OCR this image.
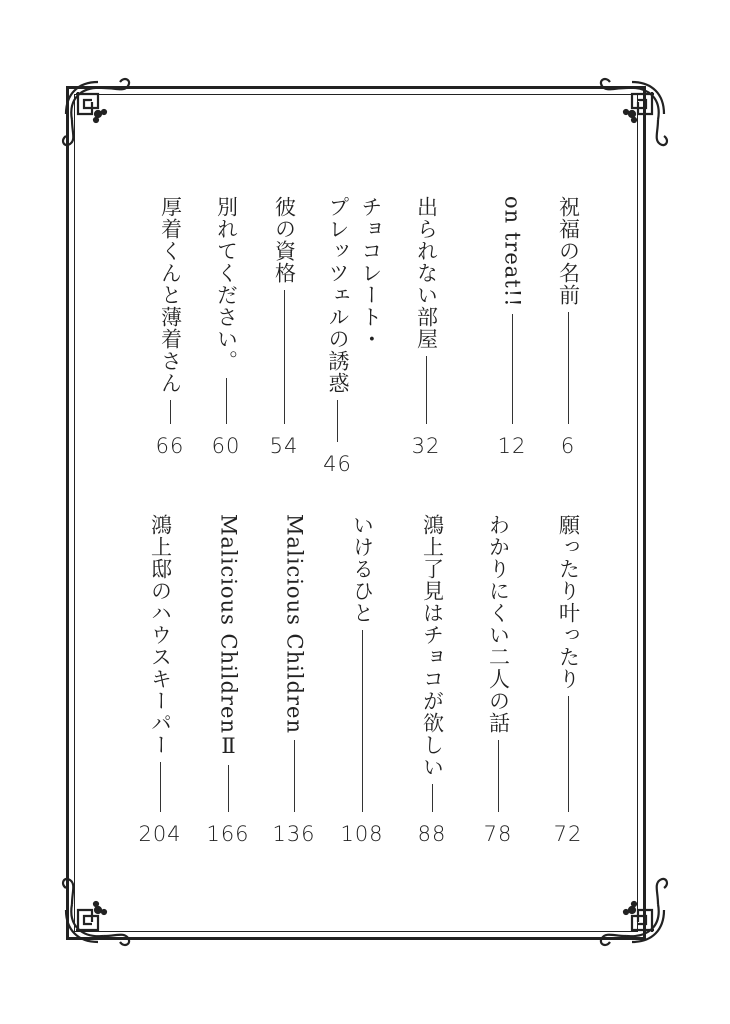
祝福の名前
6
on treat!!
12
出られない部屋
32
チョコレート・
プレッツェルの誘惑
46
彼の資格
54
別れてください。
60
厚着くんと薄着さん
66
願ったり叶ったり
72
わかりにくい二人の話
78
鴻上了見はチョコが欲しい
88
いけるひと
108
Malicious Children
136
Malicious ChildrenⅡ
166
鴻上邸のハウスキーパー
204
